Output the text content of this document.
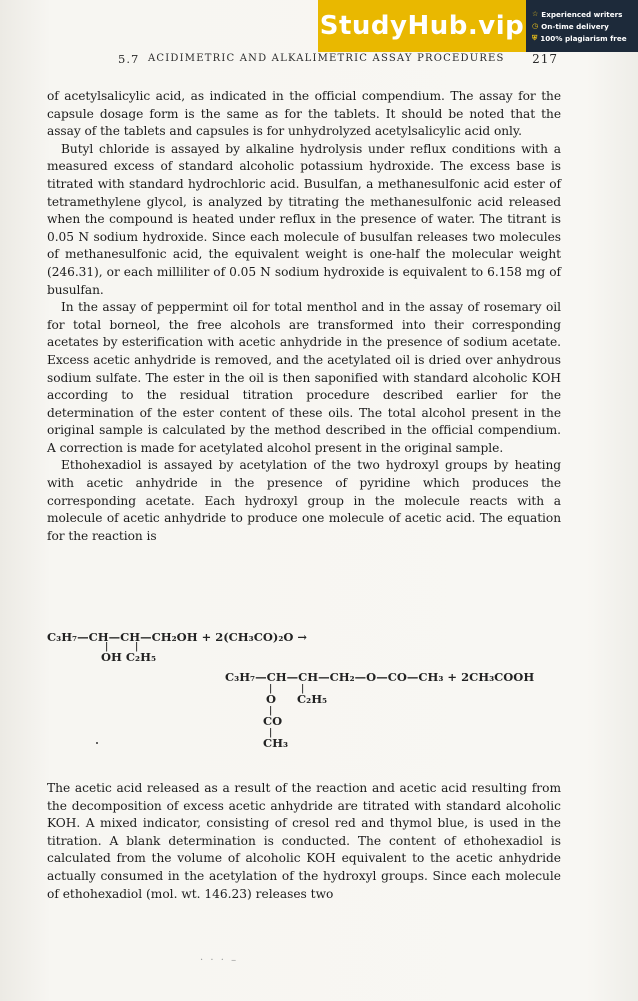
StudyHub.vip ☆ Experienced writers
◷ On-time delivery
⛨ 100% plagiarism free
5.7 ACIDIMETRIC AND ALKALIMETRIC ASSAY PROCEDURES 217

of acetylsalicylic acid, as indicated in the official compendium. The assay for the capsule dosage form is the same as for the tablets. It should be noted that the assay of the tablets and capsules is for unhydrolyzed acetylsalicylic acid only.

Butyl chloride is assayed by alkaline hydrolysis under reflux conditions with a measured excess of standard alcoholic potassium hydroxide. The excess base is titrated with standard hydrochloric acid. Busulfan, a methanesulfonic acid ester of tetramethylene glycol, is analyzed by titrating the methanesulfonic acid released when the compound is heated under reflux in the presence of water. The titrant is 0.05 N sodium hydroxide. Since each molecule of busulfan releases two molecules of methanesulfonic acid, the equivalent weight is one-half the molecular weight (246.31), or each milliliter of 0.05 N sodium hydroxide is equivalent to 6.158 mg of busulfan.

In the assay of peppermint oil for total menthol and in the assay of rosemary oil for total borneol, the free alcohols are transformed into their corresponding acetates by esterification with acetic anhydride in the presence of sodium acetate. Excess acetic anhydride is removed, and the acetylated oil is dried over anhydrous sodium sulfate. The ester in the oil is then saponified with standard alcoholic KOH according to the residual titration procedure described earlier for the determination of the ester content of these oils. The total alcohol present in the original sample is calculated by the method described in the official compendium. A correction is made for acetylated alcohol present in the original sample.

Ethohexadiol is assayed by acetylation of the two hydroxyl groups by heating with acetic anhydride in the presence of pyridine which produces the corresponding acetate. Each hydroxyl group in the molecule reacts with a molecule of acetic anhydride to produce one molecule of acetic acid. The equation for the reaction is

C₃H₇—CH—CH—CH₂OH + 2(CH₃CO)₂O →
|	|
OH C₂H₅
C₃H₇—CH—CH—CH₂—O—CO—CH₃ + 2CH₃COOH
|	|
O C₂H₅
|
CO
|
CH₃

The acetic acid released as a result of the reaction and acetic acid resulting from the decomposition of excess acetic anhydride are titrated with standard alcoholic KOH. A mixed indicator, consisting of cresol red and thymol blue, is used in the titration. A blank determination is conducted. The content of ethohexadiol is calculated from the volume of alcoholic KOH equivalent to the acetic anhydride actually consumed in the acetylation of the hydroxyl groups. Since each molecule of ethohexadiol (mol. wt. 146.23) releases two

· · · –
